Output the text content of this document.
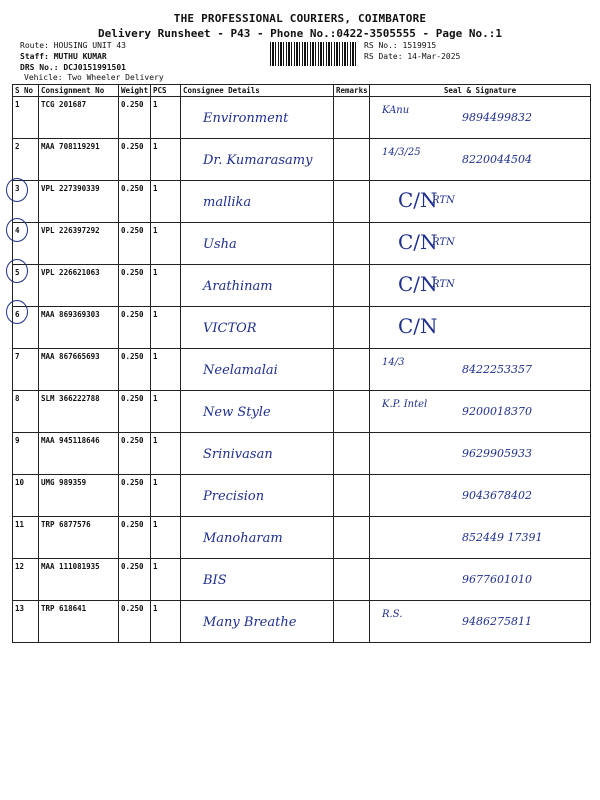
THE PROFESSIONAL COURIERS, COIMBATORE
Delivery Runsheet - P43 - Phone No.:0422-3505555 - Page No.:1
Route: HOUSING UNIT 43
Staff: MUTHU KUMAR
DRS No.: DCJ0151991501
Vehicle: Two Wheeler Delivery
RS No.: 1519915
RS Date: 14-Mar-2025
S No	Consignment No	Weight	PCS	Consignee Details	Remarks	Seal & Signature
1	TCG 201687	0.250	1	Environment		KAnu
9894499832

2	MAA 708119291	0.250	1	Dr. Kumarasamy		14/3/25
8220044504

3	VPL 227390339	0.250	1	mallika		C/N
RTN

4	VPL 226397292	0.250	1	Usha		C/N
RTN

5	VPL 226621063	0.250	1	Arathinam		C/N
RTN

6	MAA 869369303	0.250	1	VICTOR		C/N

7	MAA 867665693	0.250	1	Neelamalai		14/3
8422253357

8	SLM 366222788	0.250	1	New Style		K.P. Intel
9200018370

9	MAA 945118646	0.250	1	Srinivasan		9629905933

10	UMG 989359	0.250	1	Precision		9043678402

11	TRP 6877576	0.250	1	Manoharam		852449 17391

12	MAA 111081935	0.250	1	BIS		9677601010

13	TRP 618641	0.250	1	Many Breathe		R.S.
9486275811
